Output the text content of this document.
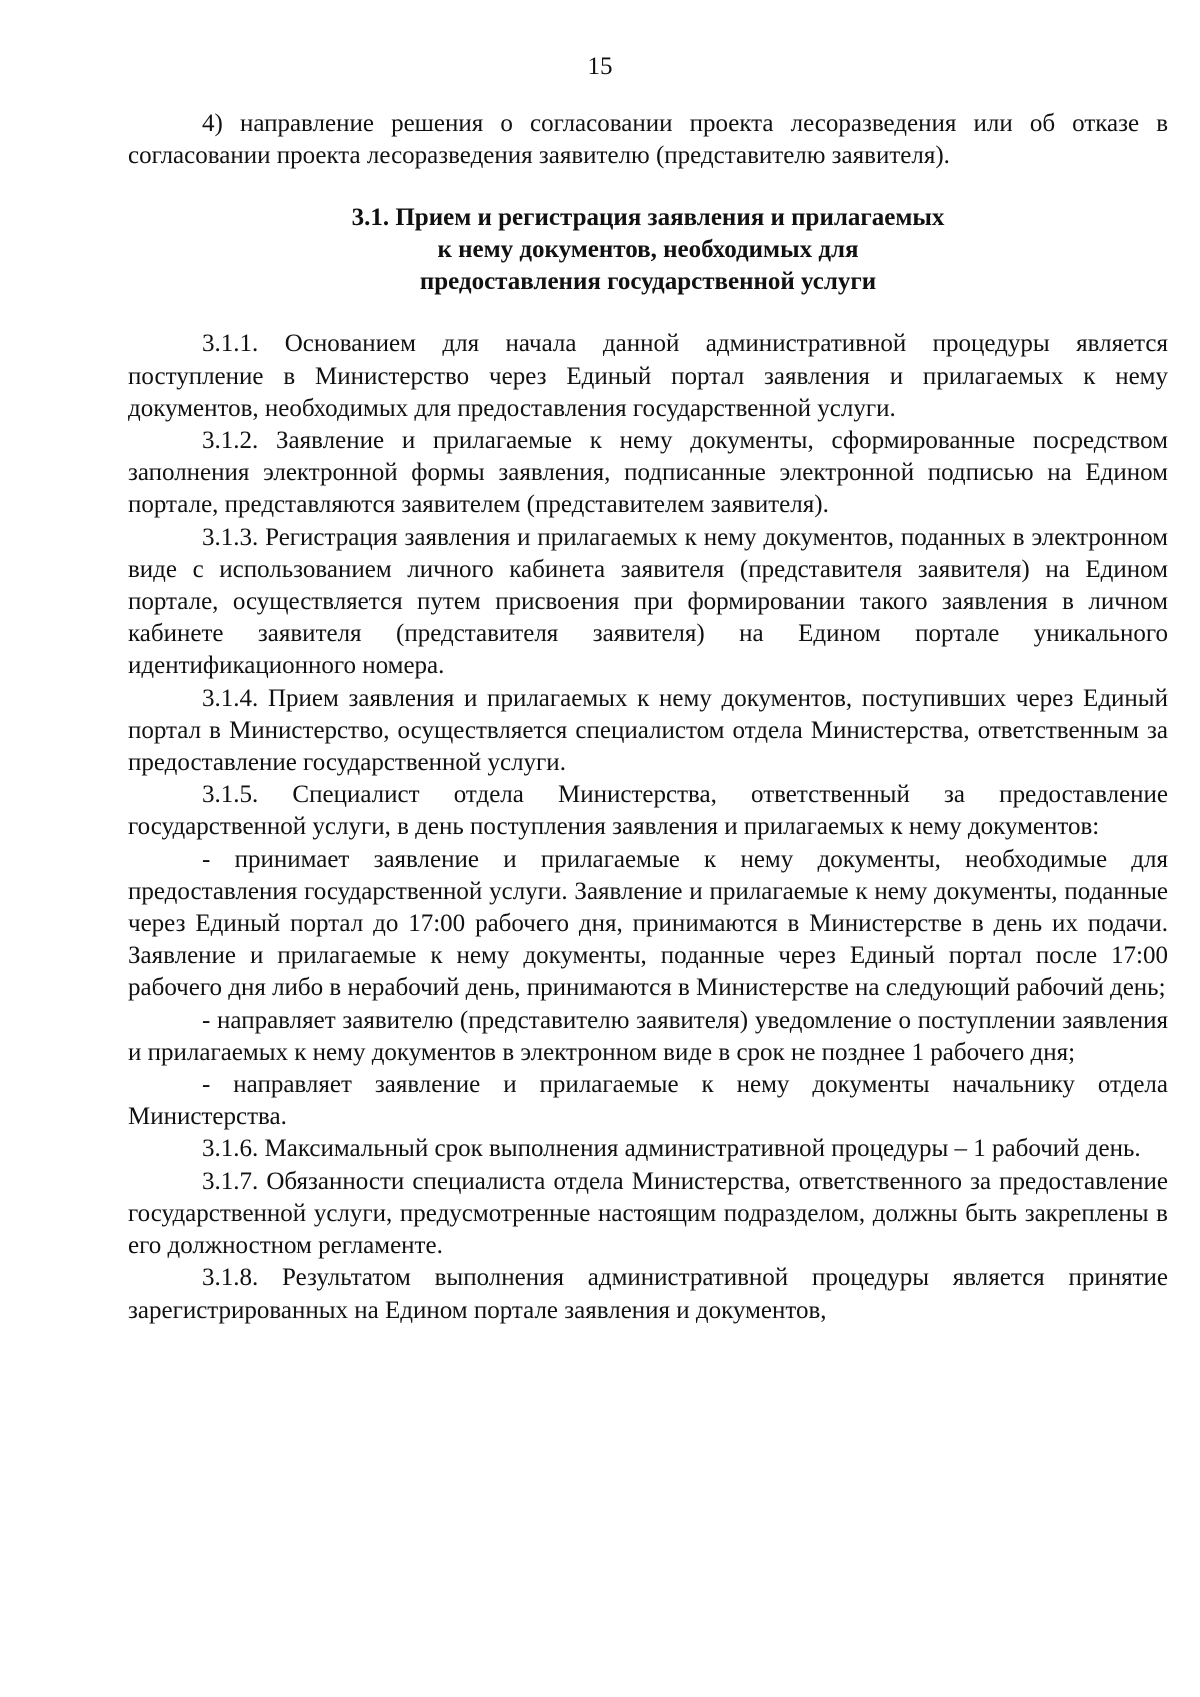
15

4) направление решения о согласовании проекта лесоразведения или об отказе в согласовании проекта лесоразведения заявителю (представителю заявителя).

3.1. Прием и регистрация заявления и прилагаемых
к нему документов, необходимых для
предоставления государственной услуги

3.1.1. Основанием для начала данной административной процедуры является поступление в Министерство через Единый портал заявления и прилагаемых к нему документов, необходимых для предоставления государственной услуги.

3.1.2. Заявление и прилагаемые к нему документы, сформированные посредством заполнения электронной формы заявления, подписанные электронной подписью на Едином портале, представляются заявителем (представителем заявителя).

3.1.3. Регистрация заявления и прилагаемых к нему документов, поданных в электронном виде с использованием личного кабинета заявителя (представителя заявителя) на Едином портале, осуществляется путем присвоения при формировании такого заявления в личном кабинете заявителя (представителя заявителя) на Едином портале уникального идентификационного номера.

3.1.4. Прием заявления и прилагаемых к нему документов, поступивших через Единый портал в Министерство, осуществляется специалистом отдела Министерства, ответственным за предоставление государственной услуги.

3.1.5. Специалист отдела Министерства, ответственный за предоставление государственной услуги, в день поступления заявления и прилагаемых к нему документов:

- принимает заявление и прилагаемые к нему документы, необходимые для предоставления государственной услуги. Заявление и прилагаемые к нему документы, поданные через Единый портал до 17:00 рабочего дня, принимаются в Министерстве в день их подачи. Заявление и прилагаемые к нему документы, поданные через Единый портал после 17:00 рабочего дня либо в нерабочий день, принимаются в Министерстве на следующий рабочий день;

- направляет заявителю (представителю заявителя) уведомление о поступлении заявления и прилагаемых к нему документов в электронном виде в срок не позднее 1 рабочего дня;

- направляет заявление и прилагаемые к нему документы начальнику отдела Министерства.

3.1.6. Максимальный срок выполнения административной процедуры – 1 рабочий день.

3.1.7. Обязанности специалиста отдела Министерства, ответственного за предоставление государственной услуги, предусмотренные настоящим подразделом, должны быть закреплены в его должностном регламенте.

3.1.8. Результатом выполнения административной процедуры является принятие зарегистрированных на Едином портале заявления и документов,
